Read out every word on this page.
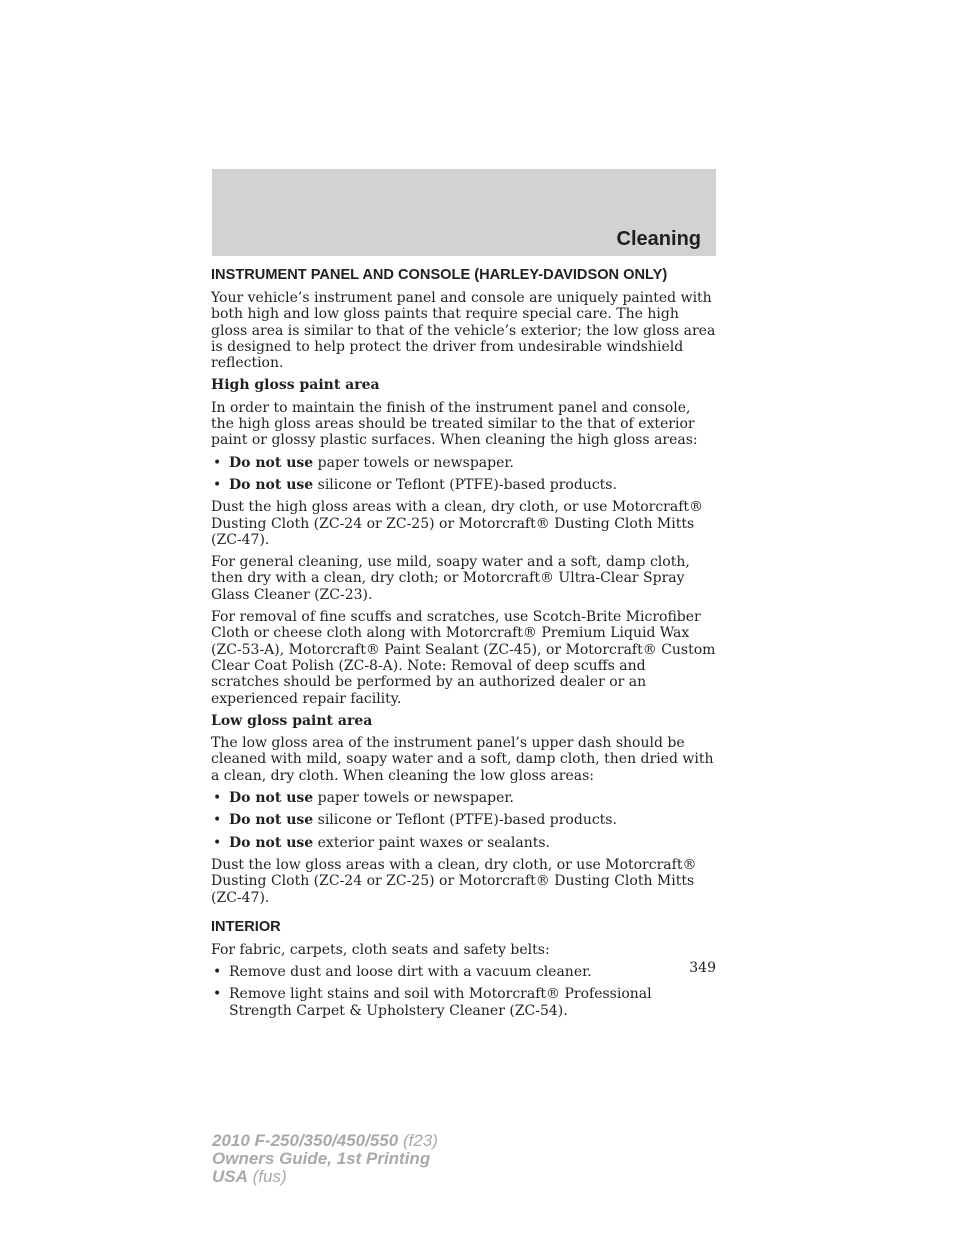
Cleaning
INSTRUMENT PANEL AND CONSOLE (HARLEY-DAVIDSON ONLY)

Your vehicle’s instrument panel and console are uniquely painted with both high and low gloss paints that require special care. The high gloss area is similar to that of the vehicle’s exterior; the low gloss area is designed to help protect the driver from undesirable windshield reflection.

High gloss paint area

In order to maintain the finish of the instrument panel and console, the high gloss areas should be treated similar to the that of exterior paint or glossy plastic surfaces. When cleaning the high gloss areas:

• Do not use paper towels or newspaper.
• Do not use silicone or Teflont (PTFE)-based products.

Dust the high gloss areas with a clean, dry cloth, or use Motorcraft® Dusting Cloth (ZC-24 or ZC-25) or Motorcraft® Dusting Cloth Mitts (ZC-47).

For general cleaning, use mild, soapy water and a soft, damp cloth, then dry with a clean, dry cloth; or Motorcraft® Ultra-Clear Spray Glass Cleaner (ZC-23).

For removal of fine scuffs and scratches, use Scotch-Brite Microfiber Cloth or cheese cloth along with Motorcraft® Premium Liquid Wax (ZC-53-A), Motorcraft® Paint Sealant (ZC-45), or Motorcraft® Custom Clear Coat Polish (ZC-8-A). Note: Removal of deep scuffs and scratches should be performed by an authorized dealer or an experienced repair facility.

Low gloss paint area

The low gloss area of the instrument panel’s upper dash should be cleaned with mild, soapy water and a soft, damp cloth, then dried with a clean, dry cloth. When cleaning the low gloss areas:

• Do not use paper towels or newspaper.
• Do not use silicone or Teflont (PTFE)-based products.
• Do not use exterior paint waxes or sealants.

Dust the low gloss areas with a clean, dry cloth, or use Motorcraft® Dusting Cloth (ZC-24 or ZC-25) or Motorcraft® Dusting Cloth Mitts (ZC-47).

INTERIOR

For fabric, carpets, cloth seats and safety belts:

• Remove dust and loose dirt with a vacuum cleaner.
• Remove light stains and soil with Motorcraft® Professional Strength Carpet & Upholstery Cleaner (ZC-54).
349
2010 F-250/350/450/550 (f23)
Owners Guide, 1st Printing
USA (fus)
